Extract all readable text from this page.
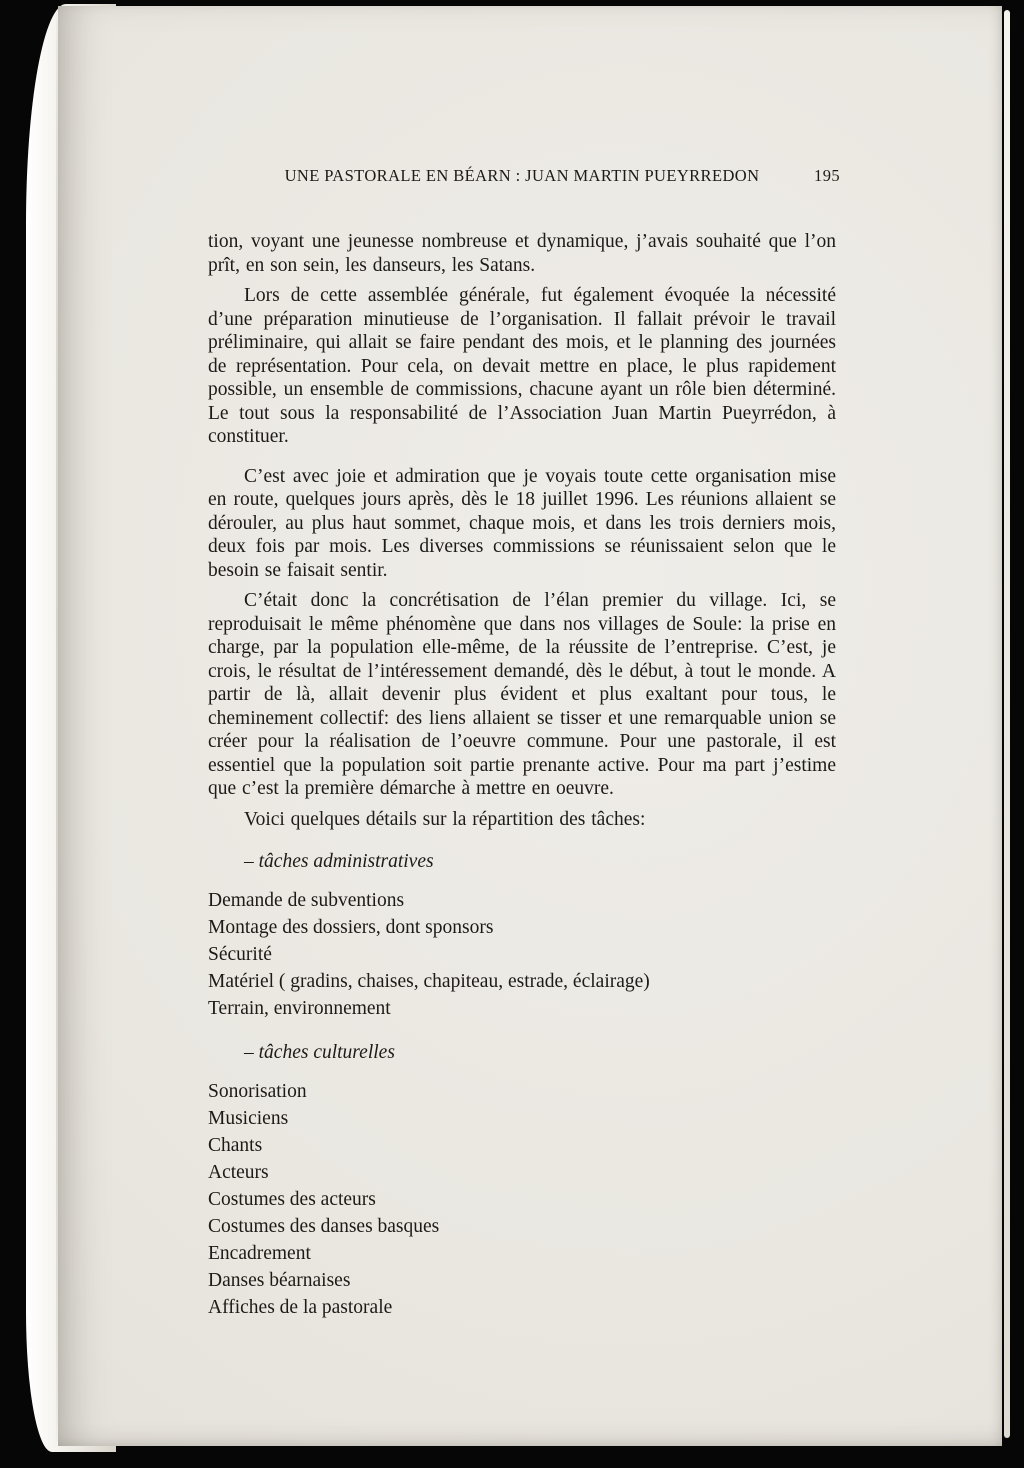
UNE PASTORALE EN BÉARN : JUAN MARTIN PUEYRREDON	195

tion, voyant une jeunesse nombreuse et dynamique, j’avais souhaité que l’on prît, en son sein, les danseurs, les Satans.

Lors de cette assemblée générale, fut également évoquée la nécessité d’une préparation minutieuse de l’organisation. Il fallait prévoir le travail préliminaire, qui allait se faire pendant des mois, et le planning des journées de représentation. Pour cela, on devait mettre en place, le plus rapidement possible, un ensemble de commissions, chacune ayant un rôle bien déterminé. Le tout sous la responsabilité de l’Association Juan Martin Pueyrrédon, à constituer.

C’est avec joie et admiration que je voyais toute cette organisation mise en route, quelques jours après, dès le 18 juillet 1996. Les réunions allaient se dérouler, au plus haut sommet, chaque mois, et dans les trois derniers mois, deux fois par mois. Les diverses commissions se réunissaient selon que le besoin se faisait sentir.

C’était donc la concrétisation de l’élan premier du village. Ici, se reproduisait le même phénomène que dans nos villages de Soule: la prise en charge, par la population elle-même, de la réussite de l’entreprise. C’est, je crois, le résultat de l’intéressement demandé, dès le début, à tout le monde. A partir de là, allait devenir plus évident et plus exaltant pour tous, le cheminement collectif: des liens allaient se tisser et une remarquable union se créer pour la réalisation de l’oeuvre commune. Pour une pastorale, il est essentiel que la population soit partie prenante active. Pour ma part j’estime que c’est la première démarche à mettre en oeuvre.

Voici quelques détails sur la répartition des tâches:

– tâches administratives
Demande de subventions
Montage des dossiers, dont sponsors
Sécurité
Matériel ( gradins, chaises, chapiteau, estrade, éclairage)
Terrain, environnement
– tâches culturelles
Sonorisation
Musiciens
Chants
Acteurs
Costumes des acteurs
Costumes des danses basques
Encadrement
Danses béarnaises
Affiches de la pastorale
